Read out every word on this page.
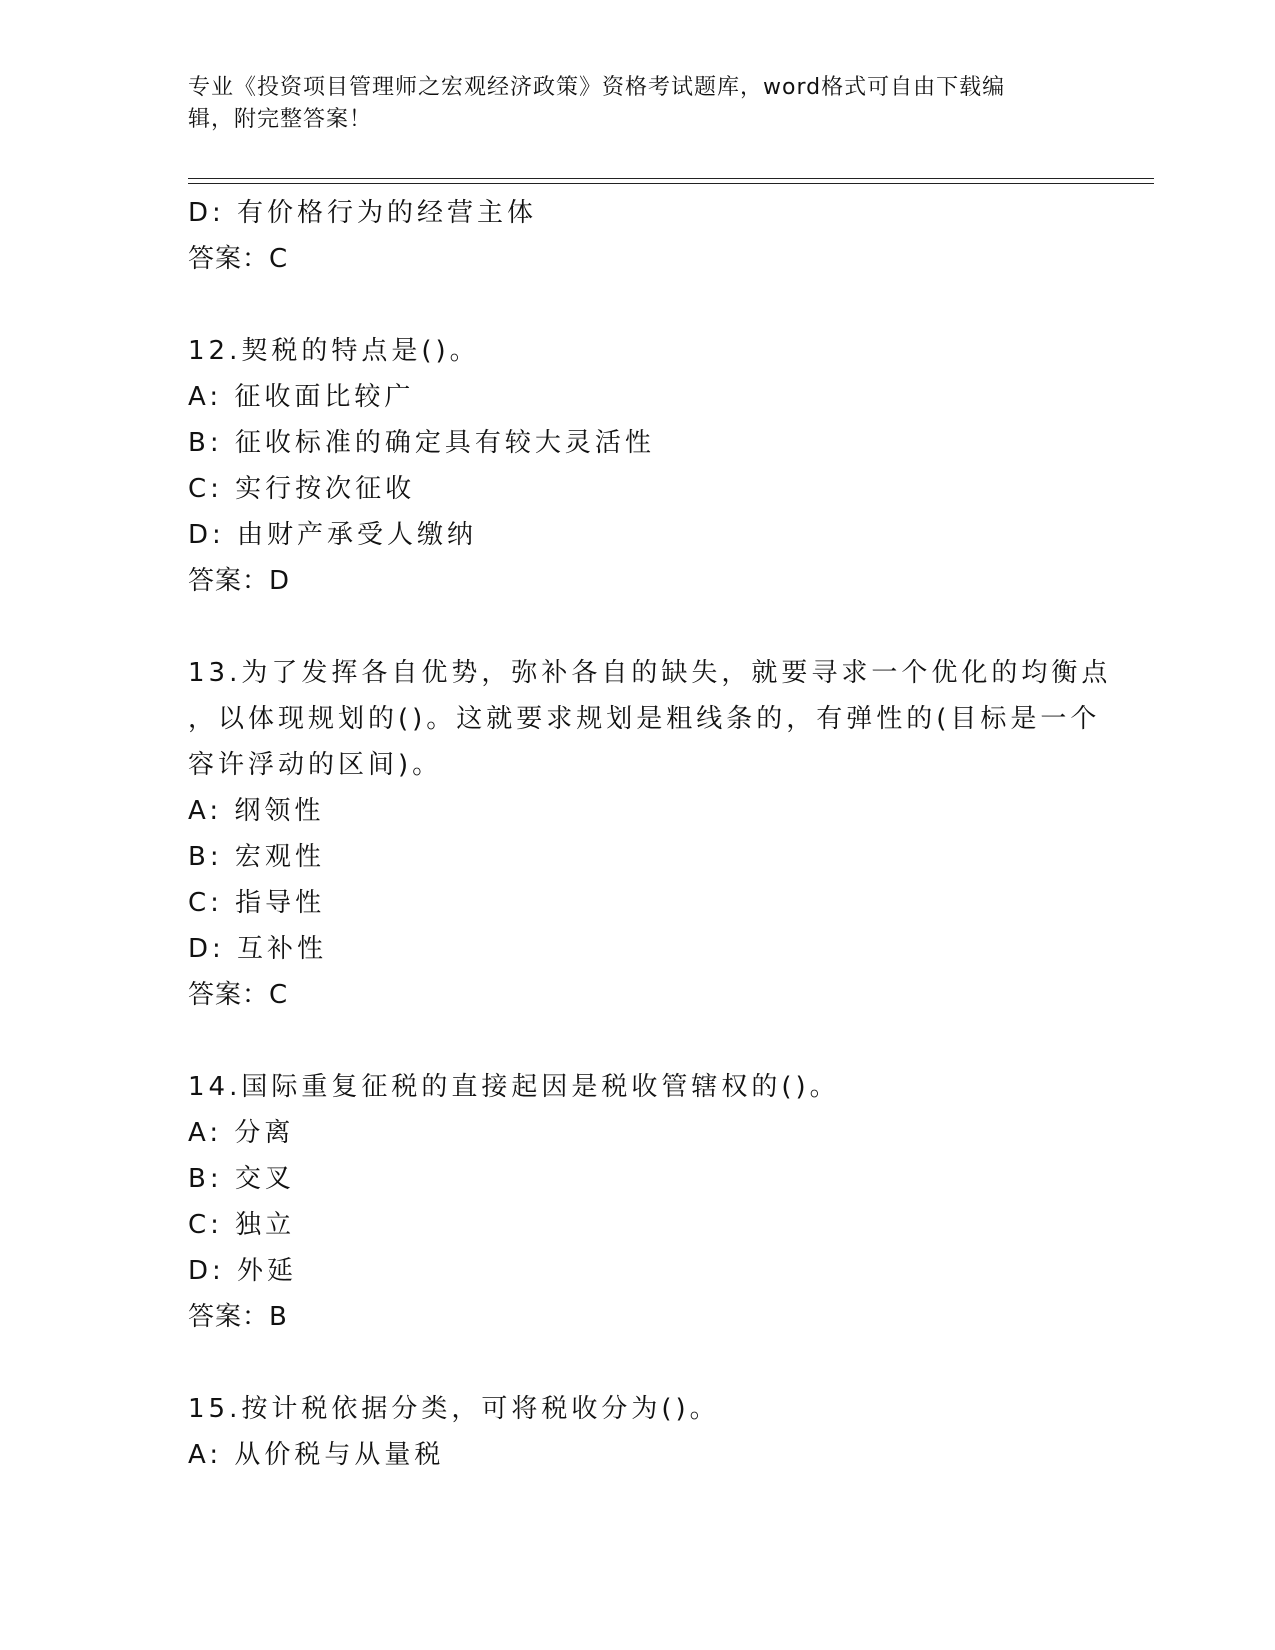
专业《投资项目管理师之宏观经济政策》资格考试题库，word格式可自由下载编
辑，附完整答案！
D: 有价格行为的经营主体
答案：C
12.契税的特点是()。
A: 征收面比较广
B: 征收标准的确定具有较大灵活性
C: 实行按次征收
D: 由财产承受人缴纳
答案：D
13.为了发挥各自优势，弥补各自的缺失，就要寻求一个优化的均衡点
，以体现规划的()。这就要求规划是粗线条的，有弹性的(目标是一个
容许浮动的区间)。
A: 纲领性
B: 宏观性
C: 指导性
D: 互补性
答案：C
14.国际重复征税的直接起因是税收管辖权的()。
A: 分离
B: 交叉
C: 独立
D: 外延
答案：B
15.按计税依据分类，可将税收分为()。
A: 从价税与从量税
